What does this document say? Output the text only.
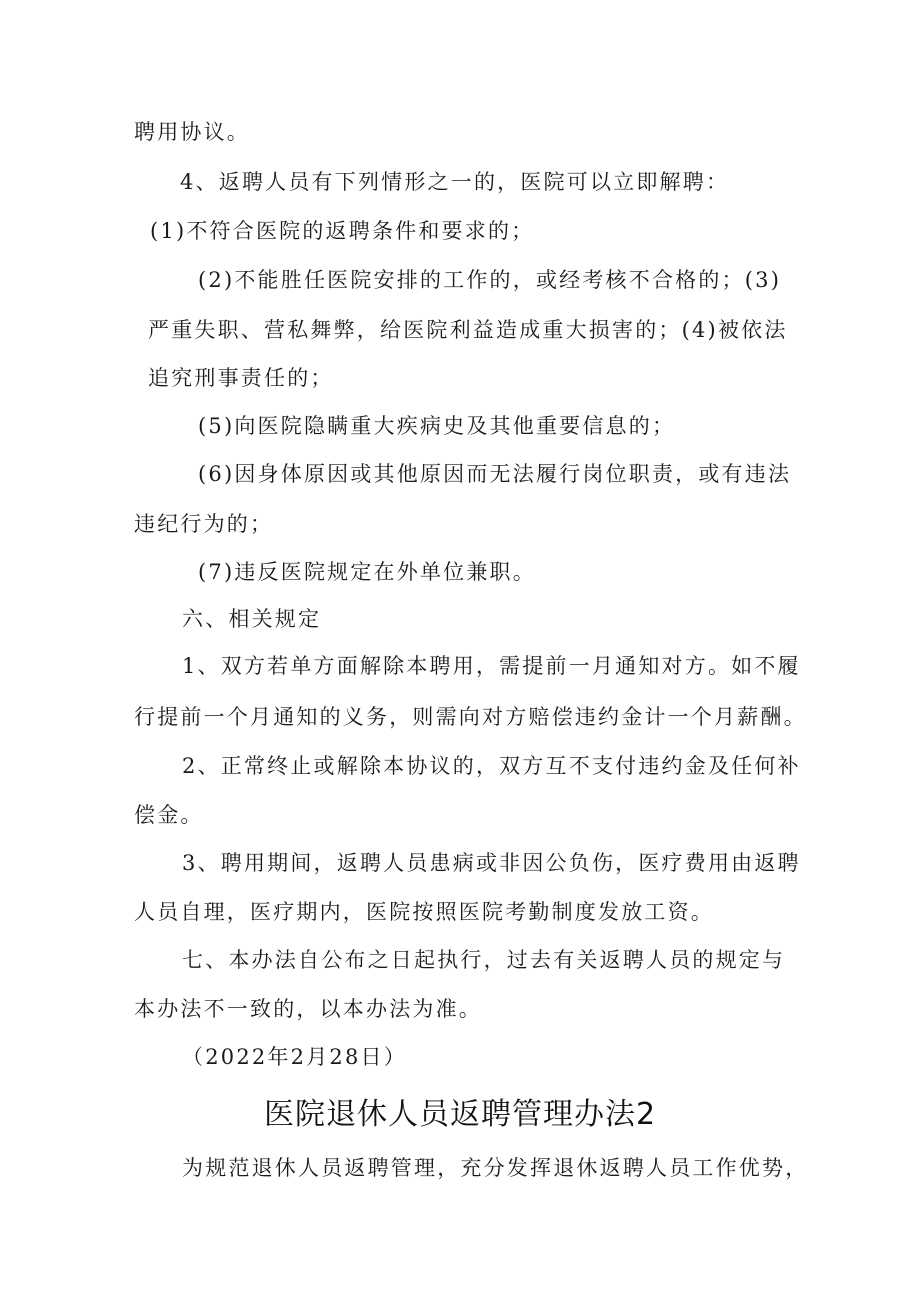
聘用协议。
4、返聘人员有下列情形之一的，医院可以立即解聘：
(1)不符合医院的返聘条件和要求的；
(2)不能胜任医院安排的工作的，或经考核不合格的；(3)
严重失职、营私舞弊，给医院利益造成重大损害的；(4)被依法
追究刑事责任的；
(5)向医院隐瞒重大疾病史及其他重要信息的；
(6)因身体原因或其他原因而无法履行岗位职责，或有违法
违纪行为的；
(7)违反医院规定在外单位兼职。
六、相关规定
1、双方若单方面解除本聘用，需提前一月通知对方。如不履
行提前一个月通知的义务，则需向对方赔偿违约金计一个月薪酬。
2、正常终止或解除本协议的，双方互不支付违约金及任何补
偿金。
3、聘用期间，返聘人员患病或非因公负伤，医疗费用由返聘
人员自理，医疗期内，医院按照医院考勤制度发放工资。
七、本办法自公布之日起执行，过去有关返聘人员的规定与
本办法不一致的，以本办法为准。
（2022年2月28日）
医院退休人员返聘管理办法2
为规范退休人员返聘管理，充分发挥退休返聘人员工作优势，
